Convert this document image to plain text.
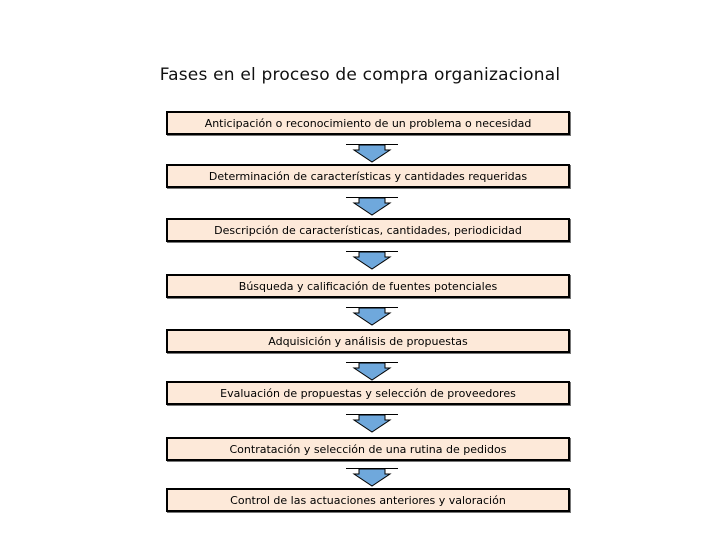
Fases en el proceso de compra organizacional
Anticipación o reconocimiento de un problema o necesidad
Determinación de características y cantidades requeridas
Descripción de características, cantidades, periodicidad
Búsqueda y calificación de fuentes potenciales
Adquisición y análisis de propuestas
Evaluación de propuestas y selección de proveedores
Contratación y selección de una rutina de pedidos
Control de las actuaciones anteriores y valoración
